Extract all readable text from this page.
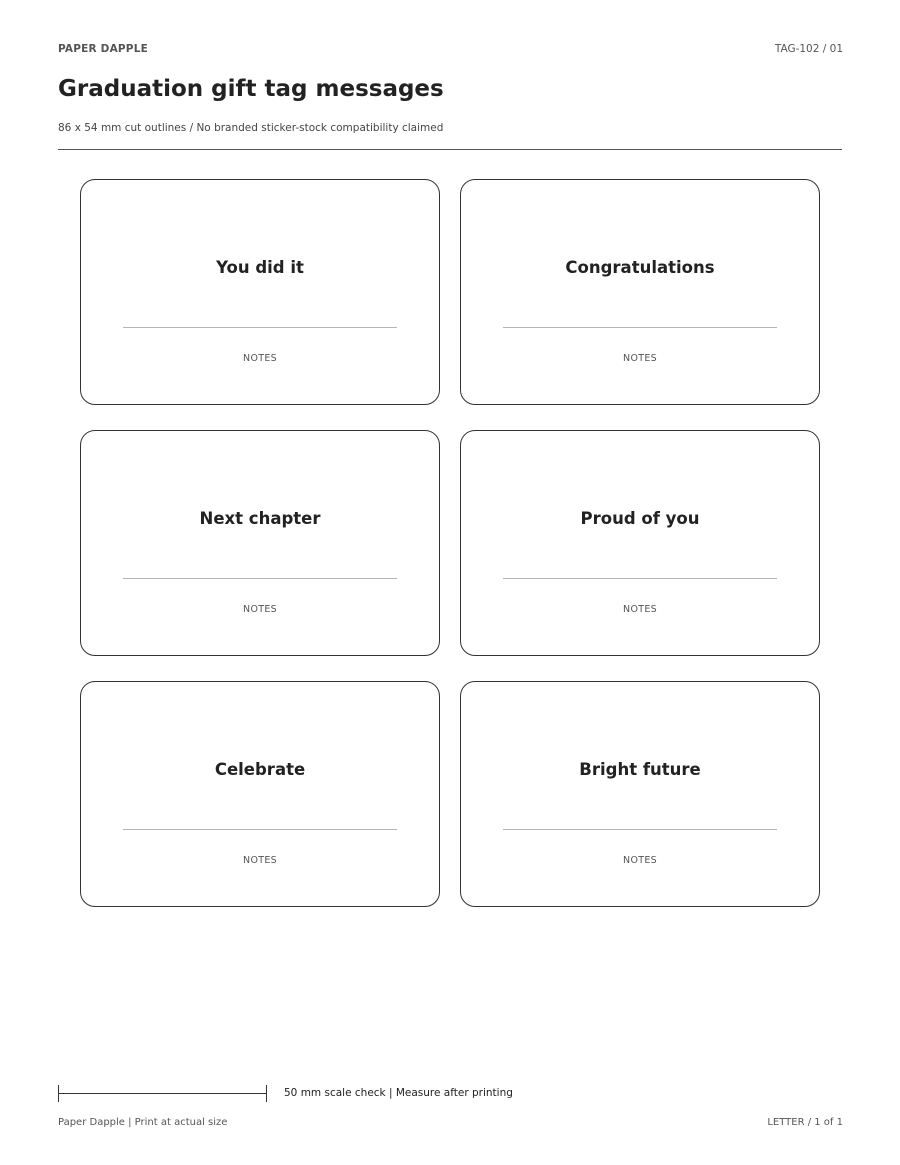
PAPER DAPPLE	TAG-102 / 01
Graduation gift tag messages
86 x 54 mm cut outlines / No branded sticker-stock compatibility claimed
You did it
NOTES
Congratulations
NOTES
Next chapter
NOTES
Proud of you
NOTES
Celebrate
NOTES
Bright future
NOTES
50 mm scale check | Measure after printing
Paper Dapple | Print at actual size	LETTER / 1 of 1
